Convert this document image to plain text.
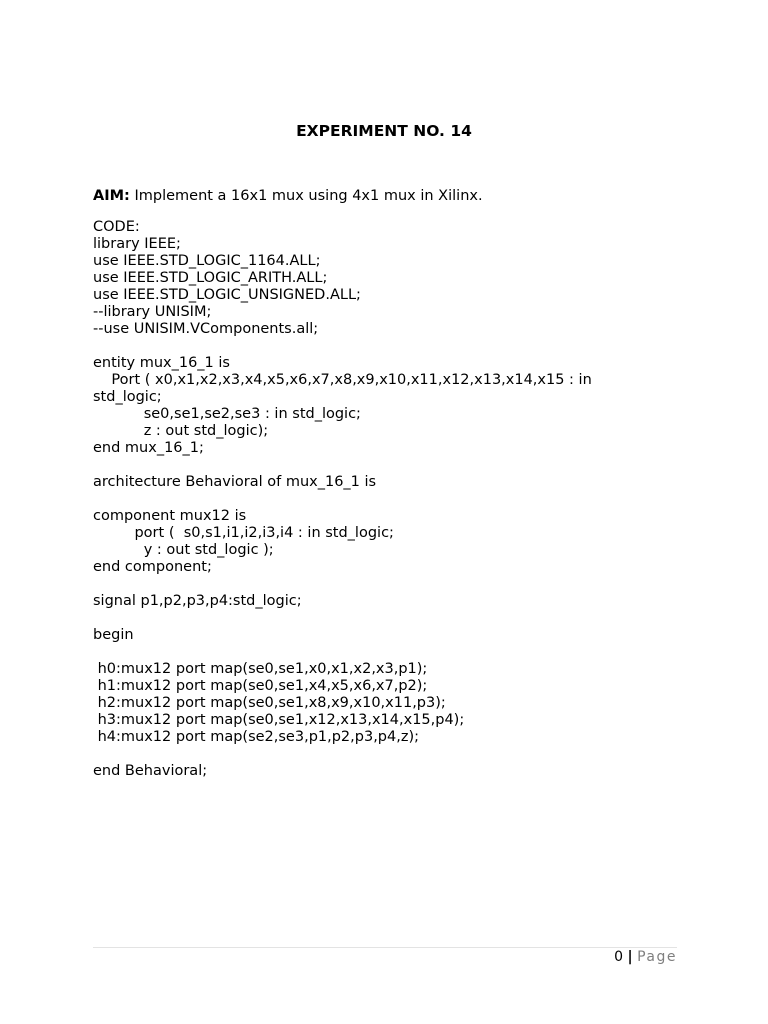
EXPERIMENT NO. 14
AIM: Implement a 16x1 mux using 4x1 mux in Xilinx.
CODE:
library IEEE;
use IEEE.STD_LOGIC_1164.ALL;
use IEEE.STD_LOGIC_ARITH.ALL;
use IEEE.STD_LOGIC_UNSIGNED.ALL;
--library UNISIM;
--use UNISIM.VComponents.all;
entity mux_16_1 is
Port ( x0,x1,x2,x3,x4,x5,x6,x7,x8,x9,x10,x11,x12,x13,x14,x15 : in
std_logic;
se0,se1,se2,se3 : in std_logic;
z : out std_logic);
end mux_16_1;
architecture Behavioral of mux_16_1 is
component mux12 is
port (  s0,s1,i1,i2,i3,i4 : in std_logic;
y : out std_logic );
end component;
signal p1,p2,p3,p4:std_logic;
begin
h0:mux12 port map(se0,se1,x0,x1,x2,x3,p1);
h1:mux12 port map(se0,se1,x4,x5,x6,x7,p2);
h2:mux12 port map(se0,se1,x8,x9,x10,x11,p3);
h3:mux12 port map(se0,se1,x12,x13,x14,x15,p4);
h4:mux12 port map(se2,se3,p1,p2,p3,p4,z);
end Behavioral;
0 | Page
